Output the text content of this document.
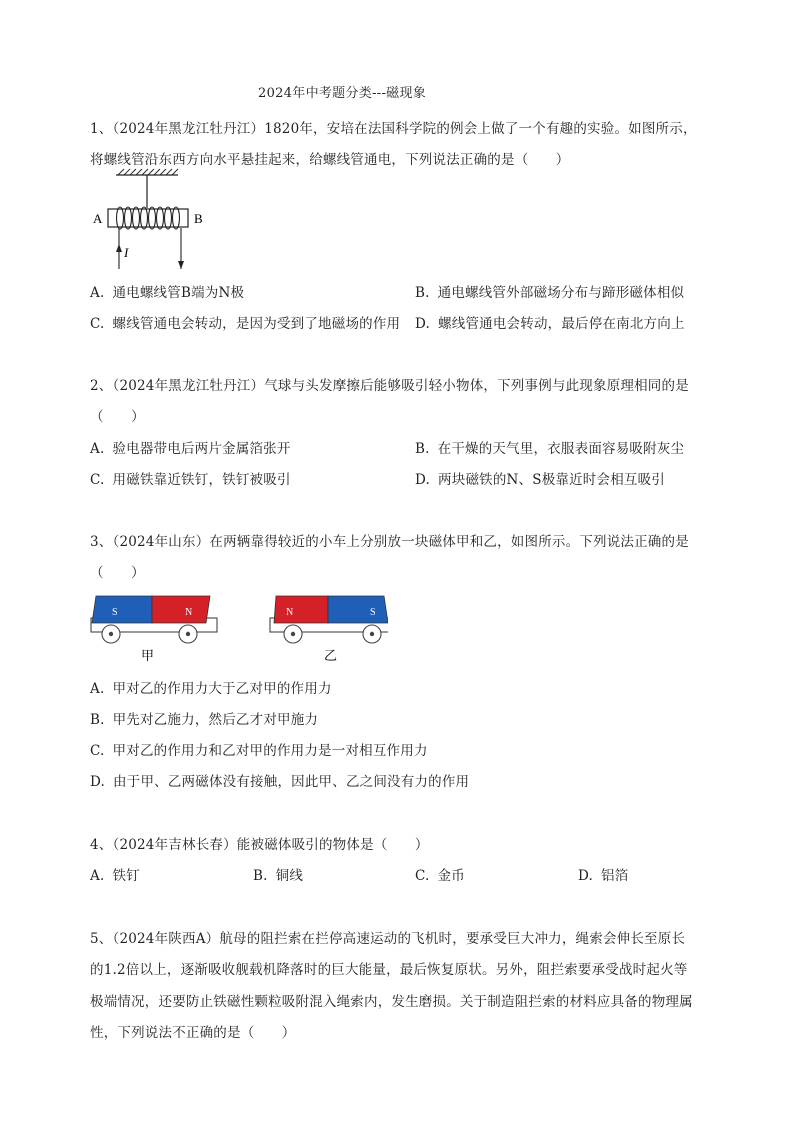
2024年中考题分类---磁现象
1、（2024年黑龙江牡丹江）1820年，安培在法国科学院的例会上做了一个有趣的实验。如图所示，
将螺线管沿东西方向水平悬挂起来，给螺线管通电，下列说法正确的是（　　）
A	B
I
A. 通电螺线管B端为N极	B. 通电螺线管外部磁场分布与蹄形磁体相似
C. 螺线管通电会转动，是因为受到了地磁场的作用 D. 螺线管通电会转动，最后停在南北方向上
2、（2024年黑龙江牡丹江）气球与头发摩擦后能够吸引轻小物体，下列事例与此现象原理相同的是
（　　）
A. 验电器带电后两片金属箔张开	B. 在干燥的天气里，衣服表面容易吸附灰尘
C. 用磁铁靠近铁钉，铁钉被吸引	D. 两块磁铁的N、S极靠近时会相互吸引
3、（2024年山东）在两辆靠得较近的小车上分别放一块磁体甲和乙，如图所示。下列说法正确的是
（　　）
S	N
甲
N	S
乙
A. 甲对乙的作用力大于乙对甲的作用力
B. 甲先对乙施力，然后乙才对甲施力
C. 甲对乙的作用力和乙对甲的作用力是一对相互作用力
D. 由于甲、乙两磁体没有接触，因此甲、乙之间没有力的作用
4、（2024年吉林长春）能被磁体吸引的物体是（　　）
A. 铁钉	B. 铜线	C. 金币	D. 铝箔
5、（2024年陕西A）航母的阻拦索在拦停高速运动的飞机时，要承受巨大冲力，绳索会伸长至原长
的1.2倍以上，逐渐吸收舰载机降落时的巨大能量，最后恢复原状。另外，阻拦索要承受战时起火等
极端情况，还要防止铁磁性颗粒吸附混入绳索内，发生磨损。关于制造阻拦索的材料应具备的物理属
性，下列说法不正确的是（　　）
